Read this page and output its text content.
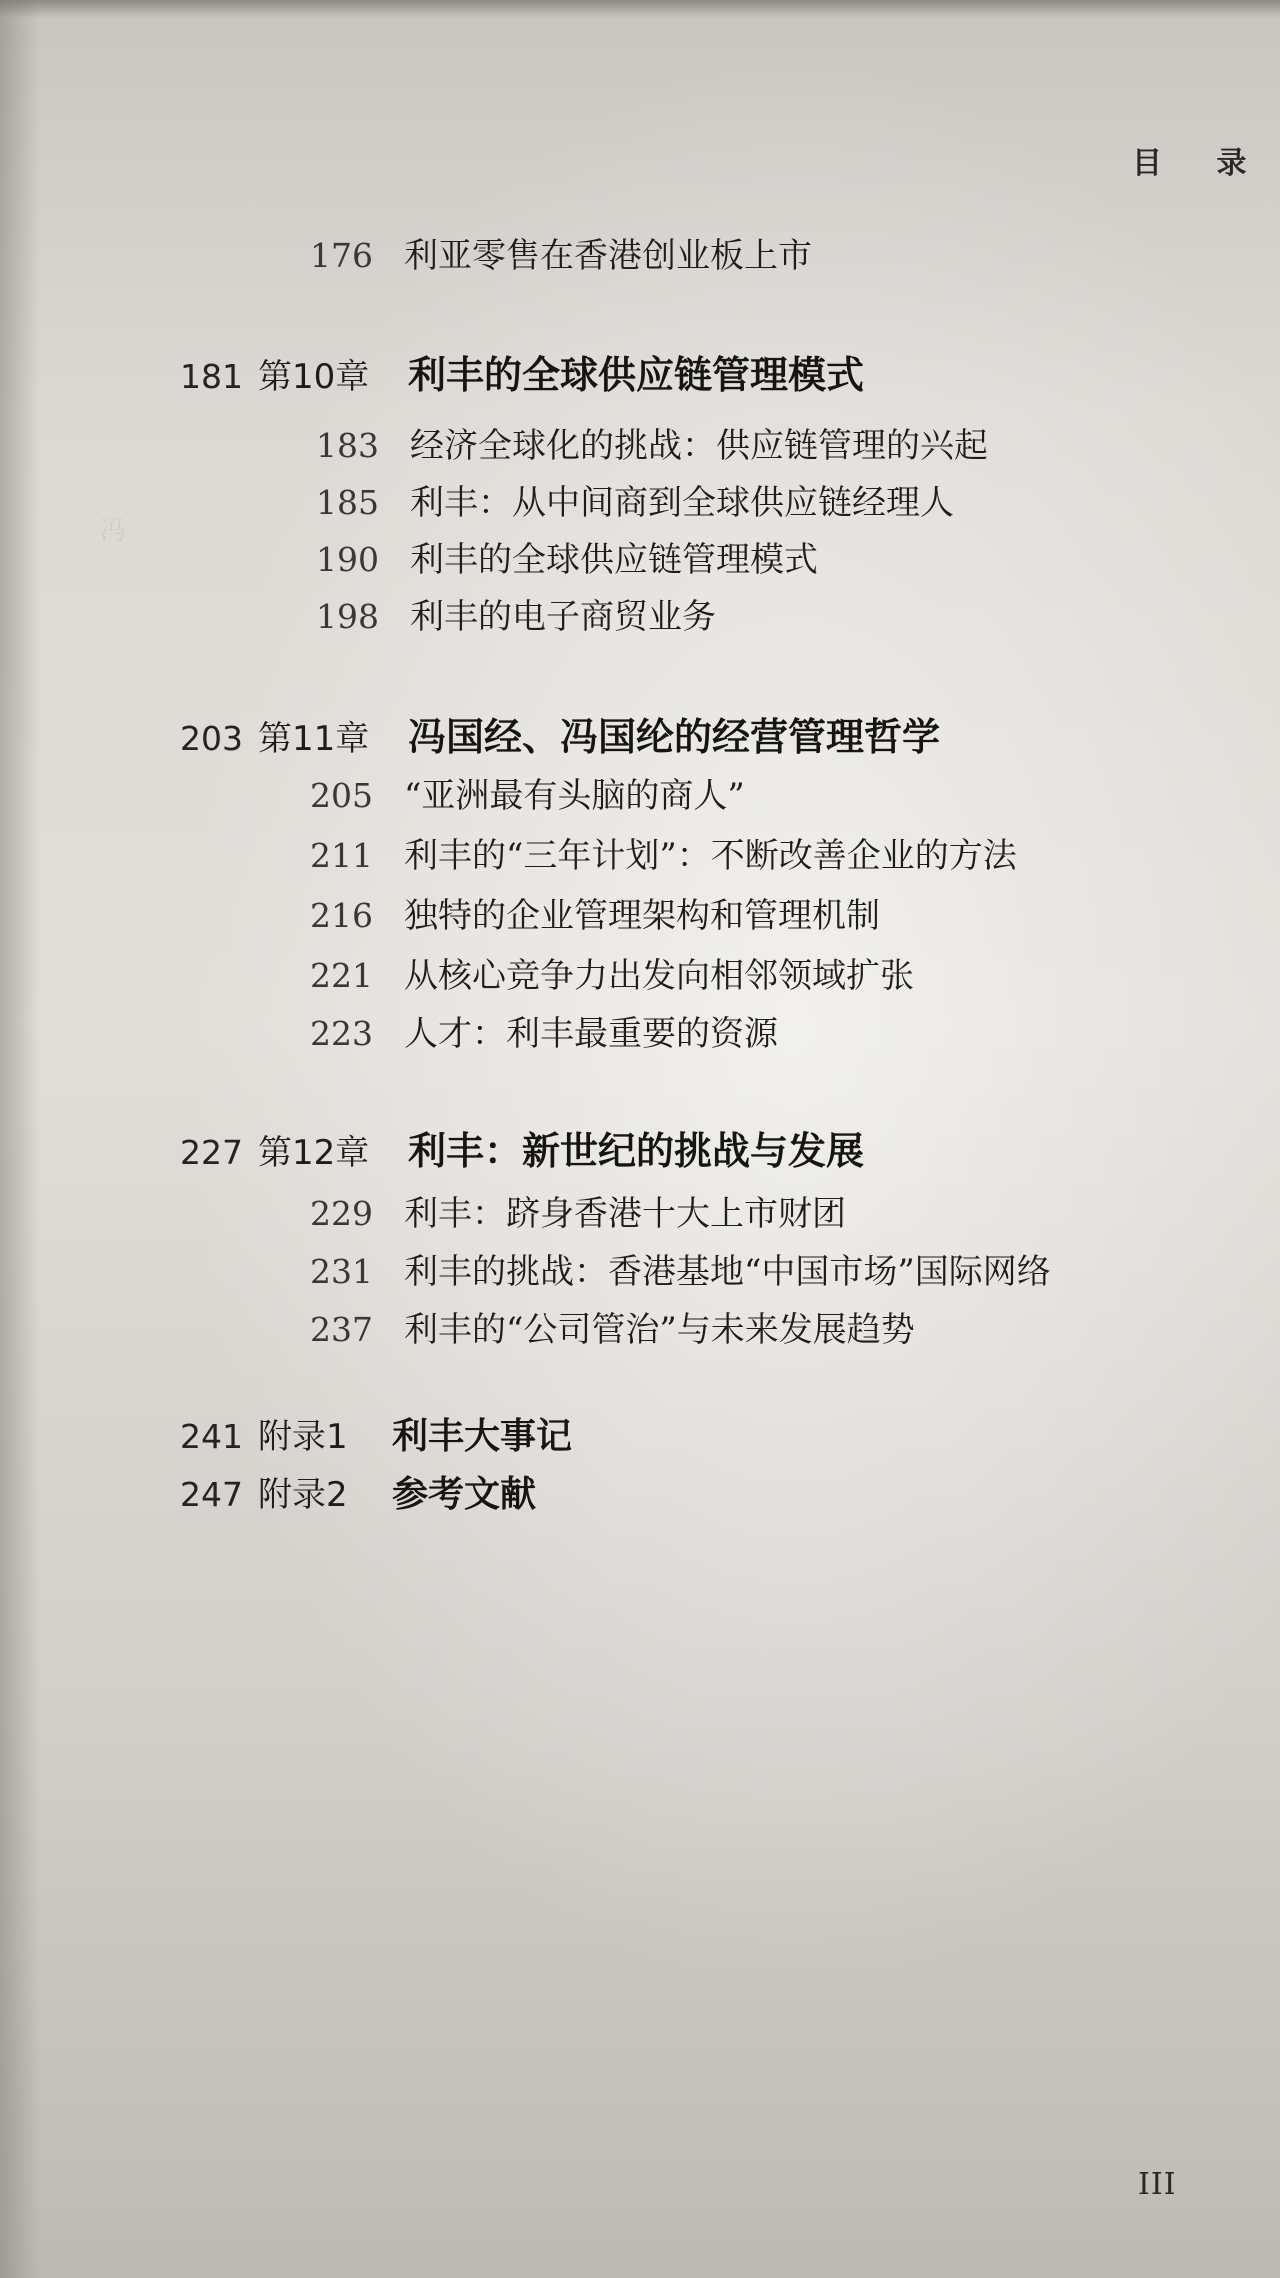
冯
目 录
176 利亚零售在香港创业板上市
181 第10章 利丰的全球供应链管理模式
183 经济全球化的挑战：供应链管理的兴起
185 利丰：从中间商到全球供应链经理人
190 利丰的全球供应链管理模式
198 利丰的电子商贸业务
203 第11章 冯国经、冯国纶的经营管理哲学
205 “亚洲最有头脑的商人”
211 利丰的“三年计划”：不断改善企业的方法
216 独特的企业管理架构和管理机制
221 从核心竞争力出发向相邻领域扩张
223 人才：利丰最重要的资源
227 第12章 利丰：新世纪的挑战与发展
229 利丰：跻身香港十大上市财团
231 利丰的挑战：香港基地“中国市场”国际网络
237 利丰的“公司管治”与未来发展趋势
241 附录1 利丰大事记
247 附录2 参考文献
III
